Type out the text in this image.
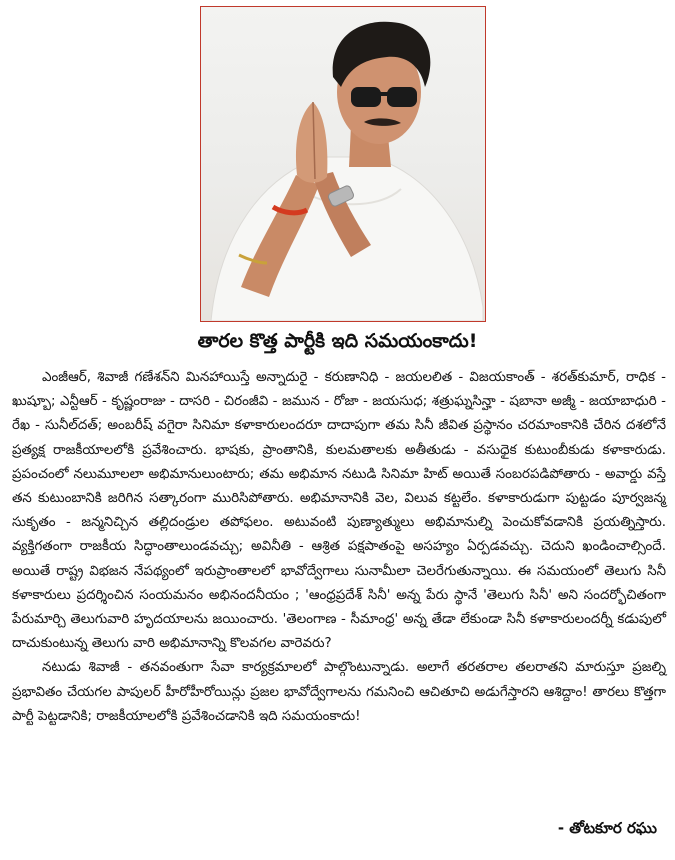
తారల కొత్త పార్టీకి ఇది సమయంకాదు!

ఎంజీఆర్, శివాజీ గణేశన్‌ని మినహాయిస్తే అన్నాదురై - కరుణానిధి - జయలలిత - విజయకాంత్ - శరత్‌కుమార్, రాధిక - ఖుష్బూ; ఎన్టీఆర్ - కృష్ణంరాజు - దాసరి - చిరంజీవి - జమున - రోజా - జయసుధ; శత్రుఘ్నసిన్హా - షబానా అజ్మీ - జయాబాధురి - రేఖ - సునీల్‌దత్; అంబరీష్ వగైరా సినిమా కళాకారులందరూ దాదాపుగా తమ సినీ జీవిత ప్రస్థానం చరమాంకానికి చేరిన దశలోనే ప్రత్యక్ష రాజకీయాలలోకి ప్రవేశించారు. భాషకు, ప్రాంతానికి, కులమతాలకు అతీతుడు - వసుధైక కుటుంబీకుడు కళాకారుడు. ప్రపంచంలో నలుమూలలా అభిమానులుంటారు; తమ అభిమాన నటుడి సినిమా హిట్ అయితే సంబరపడిపోతారు - అవార్డు వస్తే తన కుటుంబానికి జరిగిన సత్కారంగా మురిసిపోతారు. అభిమానానికి వెల, విలువ కట్టలేం. కళాకారుడుగా పుట్టడం పూర్వజన్మ సుకృతం - జన్మనిచ్చిన తల్లిదండ్రుల తపోఫలం. అటువంటి పుణ్యాత్ములు అభిమానుల్ని పెంచుకోవడానికి ప్రయత్నిస్తారు. వ్యక్తిగతంగా రాజకీయ సిద్ధాంతాలుండవచ్చు; అవినీతి - ఆశ్రిత పక్షపాతంపై అసహ్యం ఏర్పడవచ్చు. చెదుని ఖండించాల్సిందే. అయితే రాష్ట్ర విభజన నేపథ్యంలో ఇరుప్రాంతాలలో భావోద్వేగాలు సునామీలా చెలరేగుతున్నాయి. ఈ సమయంలో తెలుగు సినీ కళాకారులు ప్రదర్శించిన సంయమనం అభినందనీయం ; 'ఆంధ్రప్రదేశ్ సినీ' అన్న పేరు స్థానే 'తెలుగు సినీ' అని సందర్భోచితంగా పేరుమార్చి తెలుగువారి హృదయాలను జయించారు. 'తెలంగాణ - సీమాంధ్ర' అన్న తేడా లేకుండా సినీ కళాకారులందర్నీ కడుపులో దాచుకుంటున్న తెలుగు వారి అభిమానాన్ని కొలవగల వారెవరు?

నటుడు శివాజీ - తనవంతుగా సేవా కార్యక్రమాలలో పాల్గొంటున్నాడు. అలాగే తరతరాల తలరాతని మారుస్తూ ప్రజల్ని ప్రభావితం చేయగల పాపులర్ హీరోహీరోయిన్లు ప్రజల భావోద్వేగాలను గమనించి ఆచితూచి అడుగేస్తారని ఆశిద్దాం! తారలు కొత్తగా పార్టీ పెట్టడానికి; రాజకీయాలలోకి ప్రవేశించడానికి ఇది సమయంకాదు!

- తోటకూర రఘు
